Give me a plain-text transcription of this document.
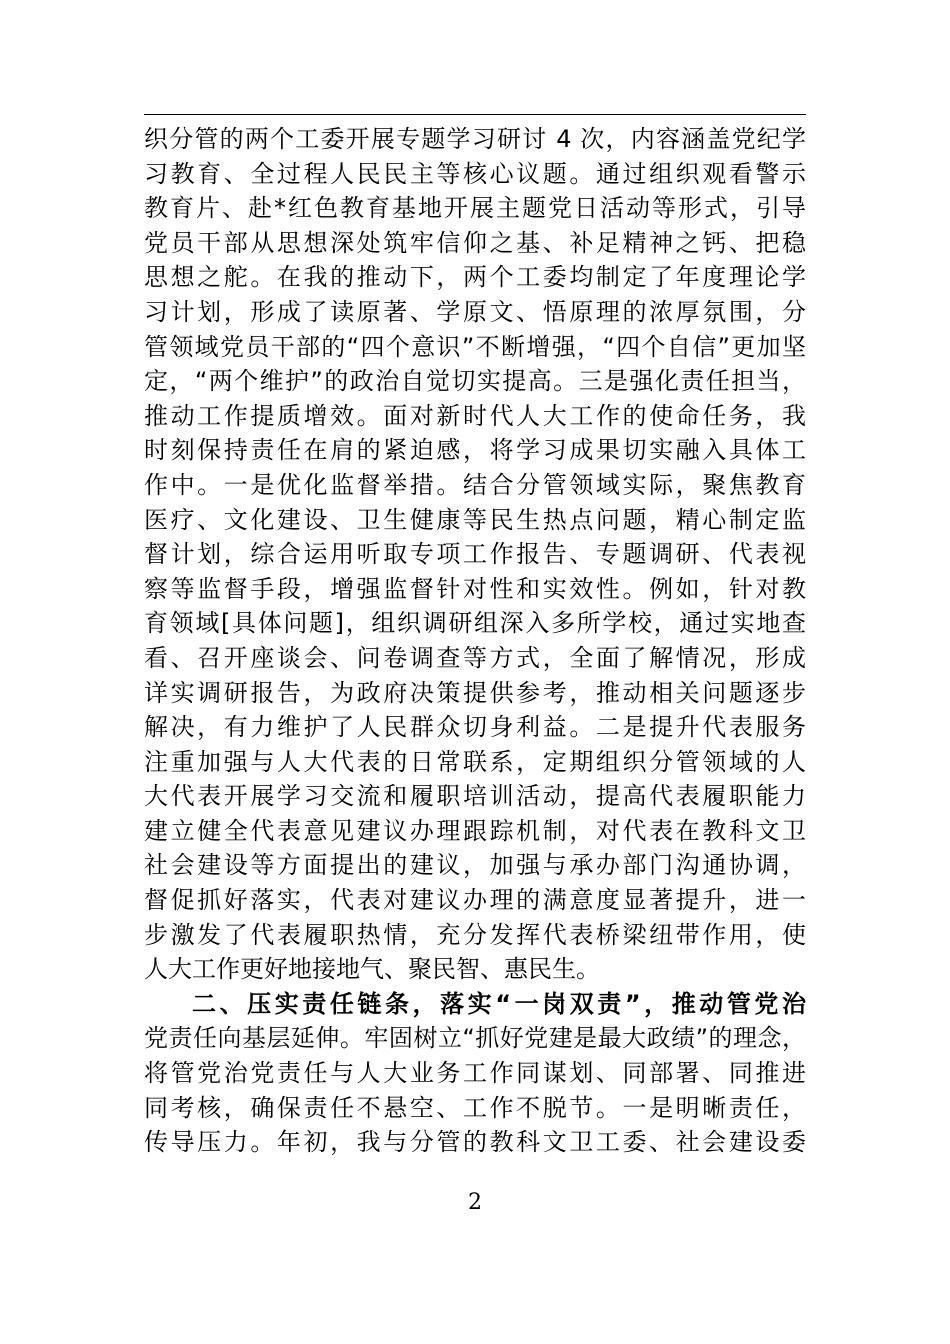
织分管的两个工委开展专题学习研讨 4 次，内容涵盖党纪学
习教育、全过程人民民主等核心议题。通过组织观看警示
教育片、赴*红色教育基地开展主题党日活动等形式，引导
党员干部从思想深处筑牢信仰之基、补足精神之钙、把稳
思想之舵。在我的推动下，两个工委均制定了年度理论学
习计划，形成了读原著、学原文、悟原理的浓厚氛围，分
管领域党员干部的“四个意识”不断增强，“四个自信”更加坚
定，“两个维护”的政治自觉切实提高。三是强化责任担当，
推动工作提质增效。面对新时代人大工作的使命任务，我
时刻保持责任在肩的紧迫感，将学习成果切实融入具体工
作中。一是优化监督举措。结合分管领域实际，聚焦教育
医疗、文化建设、卫生健康等民生热点问题，精心制定监
督计划，综合运用听取专项工作报告、专题调研、代表视
察等监督手段，增强监督针对性和实效性。例如，针对教
育领域[具体问题]，组织调研组深入多所学校，通过实地查
看、召开座谈会、问卷调查等方式，全面了解情况，形成
详实调研报告，为政府决策提供参考，推动相关问题逐步
解决，有力维护了人民群众切身利益。二是提升代表服务
注重加强与人大代表的日常联系，定期组织分管领域的人
大代表开展学习交流和履职培训活动，提高代表履职能力
建立健全代表意见建议办理跟踪机制，对代表在教科文卫
社会建设等方面提出的建议，加强与承办部门沟通协调，
督促抓好落实，代表对建议办理的满意度显著提升，进一
步激发了代表履职热情，充分发挥代表桥梁纽带作用，使
人大工作更好地接地气、聚民智、惠民生。
二、压实责任链条，落实“一岗双责”，推动管党治
党责任向基层延伸。牢固树立“抓好党建是最大政绩”的理念，
将管党治党责任与人大业务工作同谋划、同部署、同推进
同考核，确保责任不悬空、工作不脱节。一是明晰责任，
传导压力。年初，我与分管的教科文卫工委、社会建设委
2
